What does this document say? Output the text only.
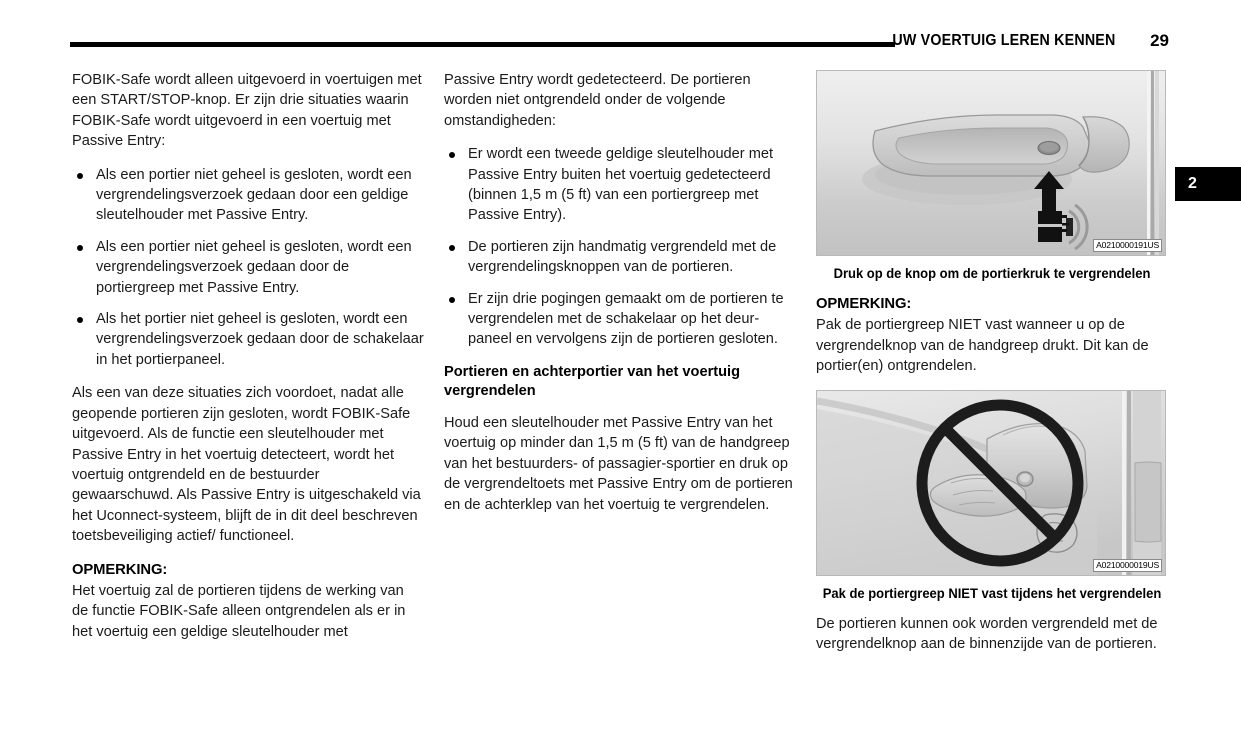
UW VOERTUIG LEREN KENNEN 29
2

FOBIK-Safe wordt alleen uitgevoerd in voertuigen met een START/STOP-knop. Er zijn drie situaties waarin FOBIK-Safe wordt uitgevoerd in een voertuig met Passive Entry:

Als een portier niet geheel is gesloten, wordt een vergrendelingsverzoek gedaan door een geldige sleutelhouder met Passive Entry.
Als een portier niet geheel is gesloten, wordt een vergrendelingsverzoek gedaan door de portiergreep met Passive Entry.
Als het portier niet geheel is gesloten, wordt een vergrendelingsverzoek gedaan door de schakelaar in het portierpaneel.

Als een van deze situaties zich voordoet, nadat alle geopende portieren zijn gesloten, wordt FOBIK-Safe uitgevoerd. Als de functie een sleutelhouder met Passive Entry in het voertuig detecteert, wordt het voertuig ontgrendeld en de bestuurder gewaarschuwd. Als Passive Entry is uitgeschakeld via het Uconnect-systeem, blijft de in dit deel beschreven toetsbeveiliging actief/ functioneel.

OPMERKING:

Het voertuig zal de portieren tijdens de werking van de functie FOBIK-Safe alleen ontgrendelen als er in het voertuig een geldige sleutelhouder met

Passive Entry wordt gedetecteerd. De portieren worden niet ontgrendeld onder de volgende omstandigheden:

Er wordt een tweede geldige sleutelhouder met Passive Entry buiten het voertuig gedetecteerd (binnen 1,5 m (5 ft) van een portiergreep met Passive Entry).
De portieren zijn handmatig vergrendeld met de vergrendelingsknoppen van de portieren.
Er zijn drie pogingen gemaakt om de portieren te vergrendelen met de schakelaar op het deur-paneel en vervolgens zijn de portieren gesloten.
Portieren en achterportier van het voertuig vergrendelen

Houd een sleutelhouder met Passive Entry van het voertuig op minder dan 1,5 m (5 ft) van de handgreep van het bestuurders- of passagier-sportier en druk op de vergrendeltoets met Passive Entry om de portieren en de achterklep van het voertuig te vergrendelen.

A0210000191US
Druk op de knop om de portierkruk te vergrendelen
OPMERKING:

Pak de portiergreep NIET vast wanneer u op de vergrendelknop van de handgreep drukt. Dit kan de portier(en) ontgrendelen.

A0210000019US
Pak de portiergreep NIET vast tijdens het vergrendelen

De portieren kunnen ook worden vergrendeld met de vergrendelknop aan de binnenzijde van de portieren.
